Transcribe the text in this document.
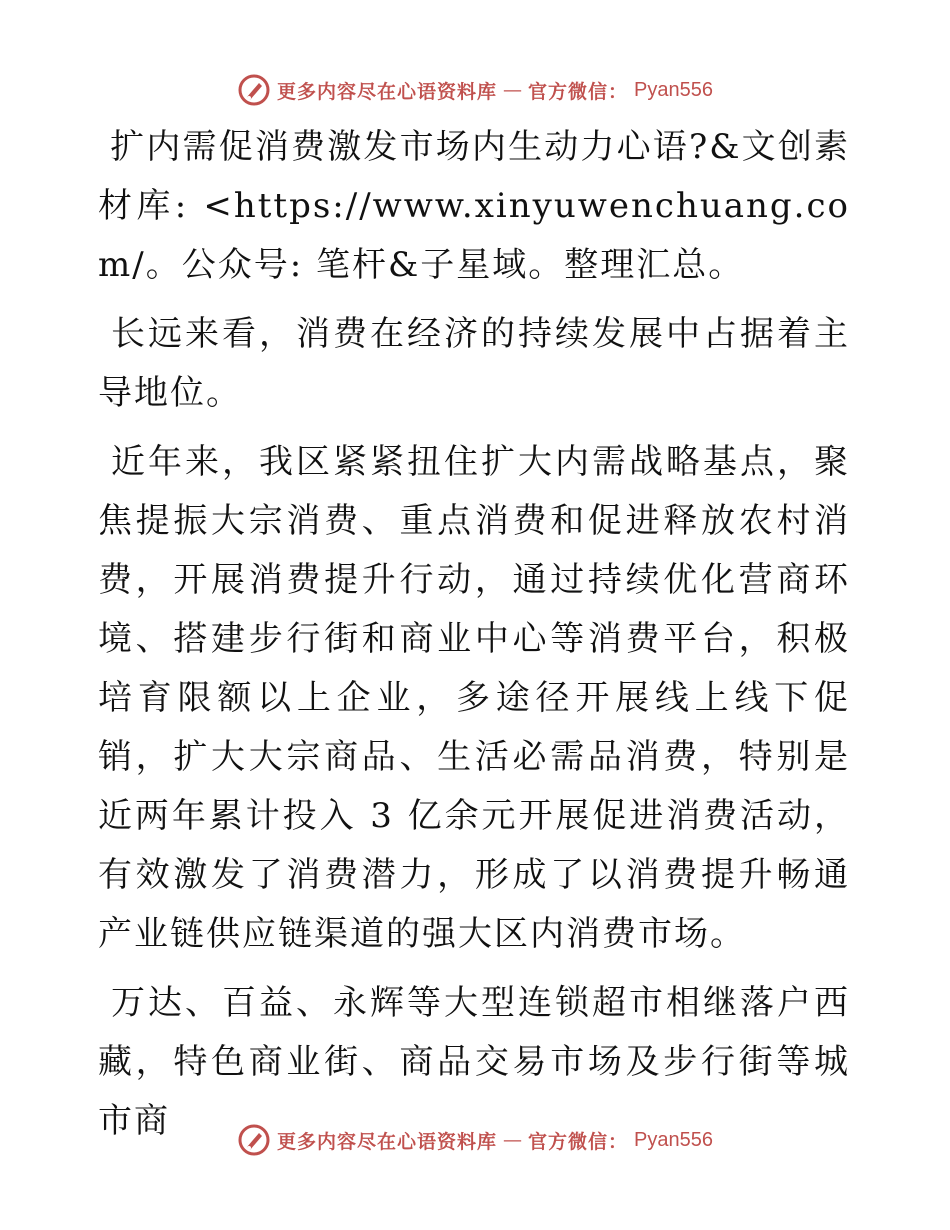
更多内容尽在心语资料库 — 官方微信： Pyan556

扩内需促消费激发市场内生动力心语?&文创素材库: <https://www.xinyuwenchuang.com/。公众号: 笔杆&子星域。整理汇总。

长远来看，消费在经济的持续发展中占据着主导地位。

近年来，我区紧紧扭住扩大内需战略基点，聚焦提振大宗消费、重点消费和促进释放农村消费，开展消费提升行动，通过持续优化营商环境、搭建步行街和商业中心等消费平台，积极培育限额以上企业，多途径开展线上线下促销，扩大大宗商品、生活必需品消费，特别是近两年累计投入 3 亿余元开展促进消费活动，有效激发了消费潜力，形成了以消费提升畅通产业链供应链渠道的强大区内消费市场。

万达、百益、永辉等大型连锁超市相继落户西藏，特色商业街、商品交易市场及步行街等城市商

更多内容尽在心语资料库 — 官方微信： Pyan556
